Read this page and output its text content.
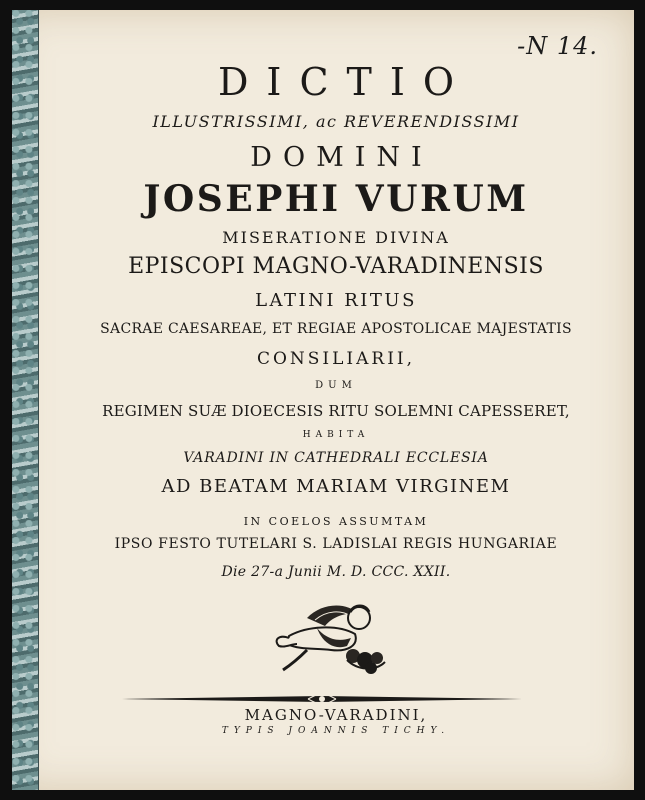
-N 14.
DICTIO
ILLUSTRISSIMI, ac REVERENDISSIMI
DOMINI
JOSEPHI VURUM
MISERATIONE DIVINA
EPISCOPI MAGNO-VARADINENSIS
LATINI RITUS
SACRAE CAESAREAE, ET REGIAE APOSTOLICAE MAJESTATIS
CONSILIARII,
DUM
REGIMEN SUÆ DIOECESIS RITU SOLEMNI CAPESSERET,
HABITA
VARADINI IN CATHEDRALI ECCLESIA
AD BEATAM MARIAM VIRGINEM
IN COELOS ASSUMTAM
IPSO FESTO TUTELARI S. LADISLAI REGIS HUNGARIAE
Die 27-a Junii M. D. CCC. XXII.
MAGNO-VARADINI,
TYPIS JOANNIS TICHY.
